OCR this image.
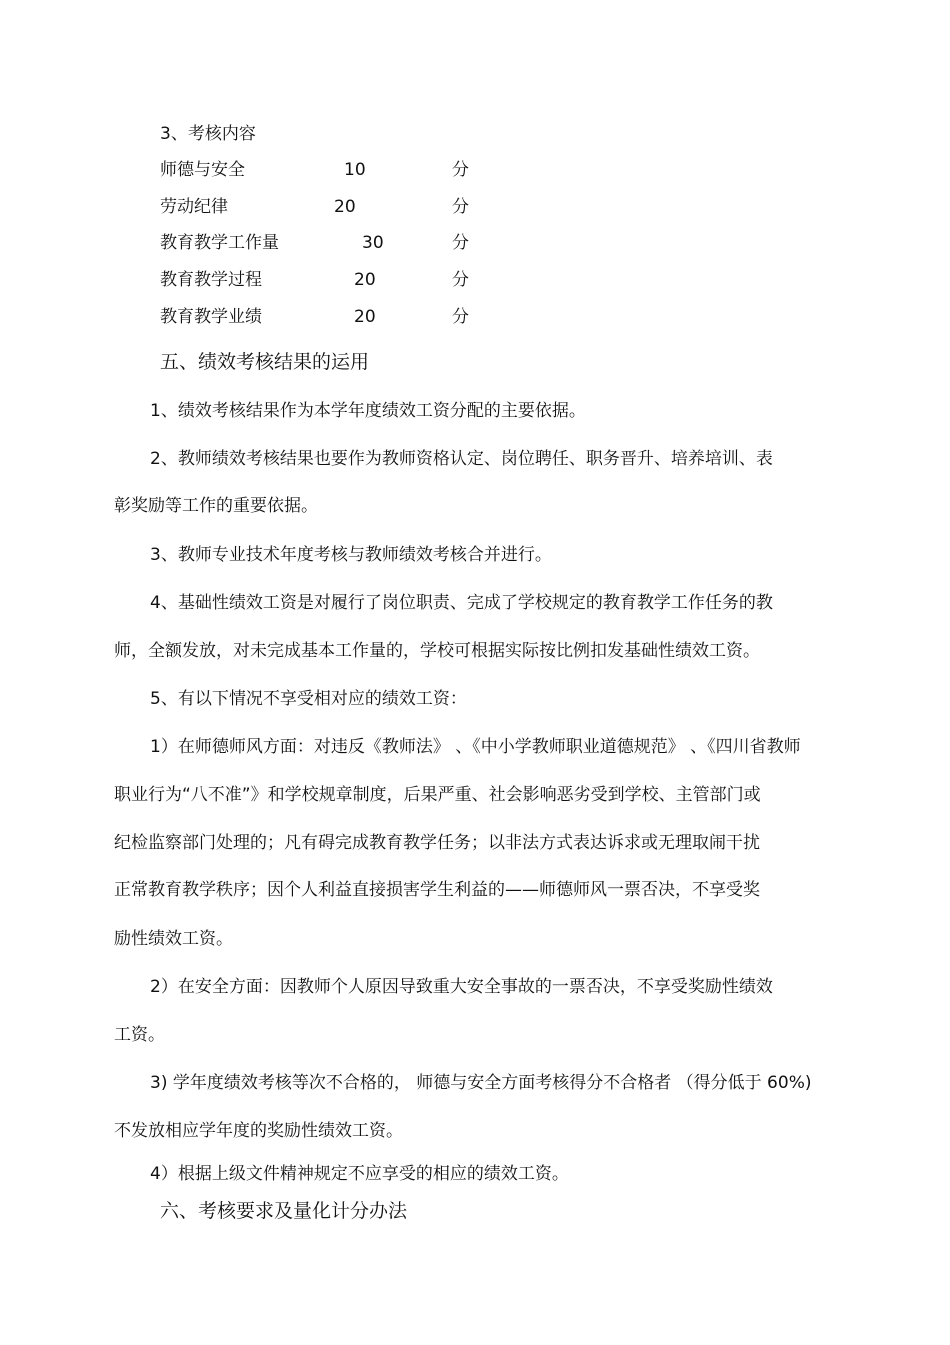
3、考核内容
师德与安全	10	分
劳动纪律	20	分
教育教学工作量	30	分
教育教学过程	20	分
教育教学业绩	20	分
五、绩效考核结果的运用
1、绩效考核结果作为本学年度绩效工资分配的主要依据。
2、教师绩效考核结果也要作为教师资格认定、岗位聘任、职务晋升、培养培训、表
彰奖励等工作的重要依据。
3、教师专业技术年度考核与教师绩效考核合并进行。
4、基础性绩效工资是对履行了岗位职责、完成了学校规定的教育教学工作任务的教
师，全额发放，对未完成基本工作量的，学校可根据实际按比例扣发基础性绩效工资。
5、有以下情况不享受相对应的绩效工资：
1）在师德师风方面：对违反《教师法》 、《中小学教师职业道德规范》 、《四川省教师
职业行为“八不准”》和学校规章制度，后果严重、社会影响恶劣受到学校、主管部门或
纪检监察部门处理的；凡有碍完成教育教学任务；以非法方式表达诉求或无理取闹干扰
正常教育教学秩序；因个人利益直接损害学生利益的——师德师风一票否决，不享受奖
励性绩效工资。
2）在安全方面：因教师个人原因导致重大安全事故的一票否决，不享受奖励性绩效
工资。
3) 学年度绩效考核等次不合格的， 师德与安全方面考核得分不合格者 （得分低于 60%)
不发放相应学年度的奖励性绩效工资。
4）根据上级文件精神规定不应享受的相应的绩效工资。
六、考核要求及量化计分办法
